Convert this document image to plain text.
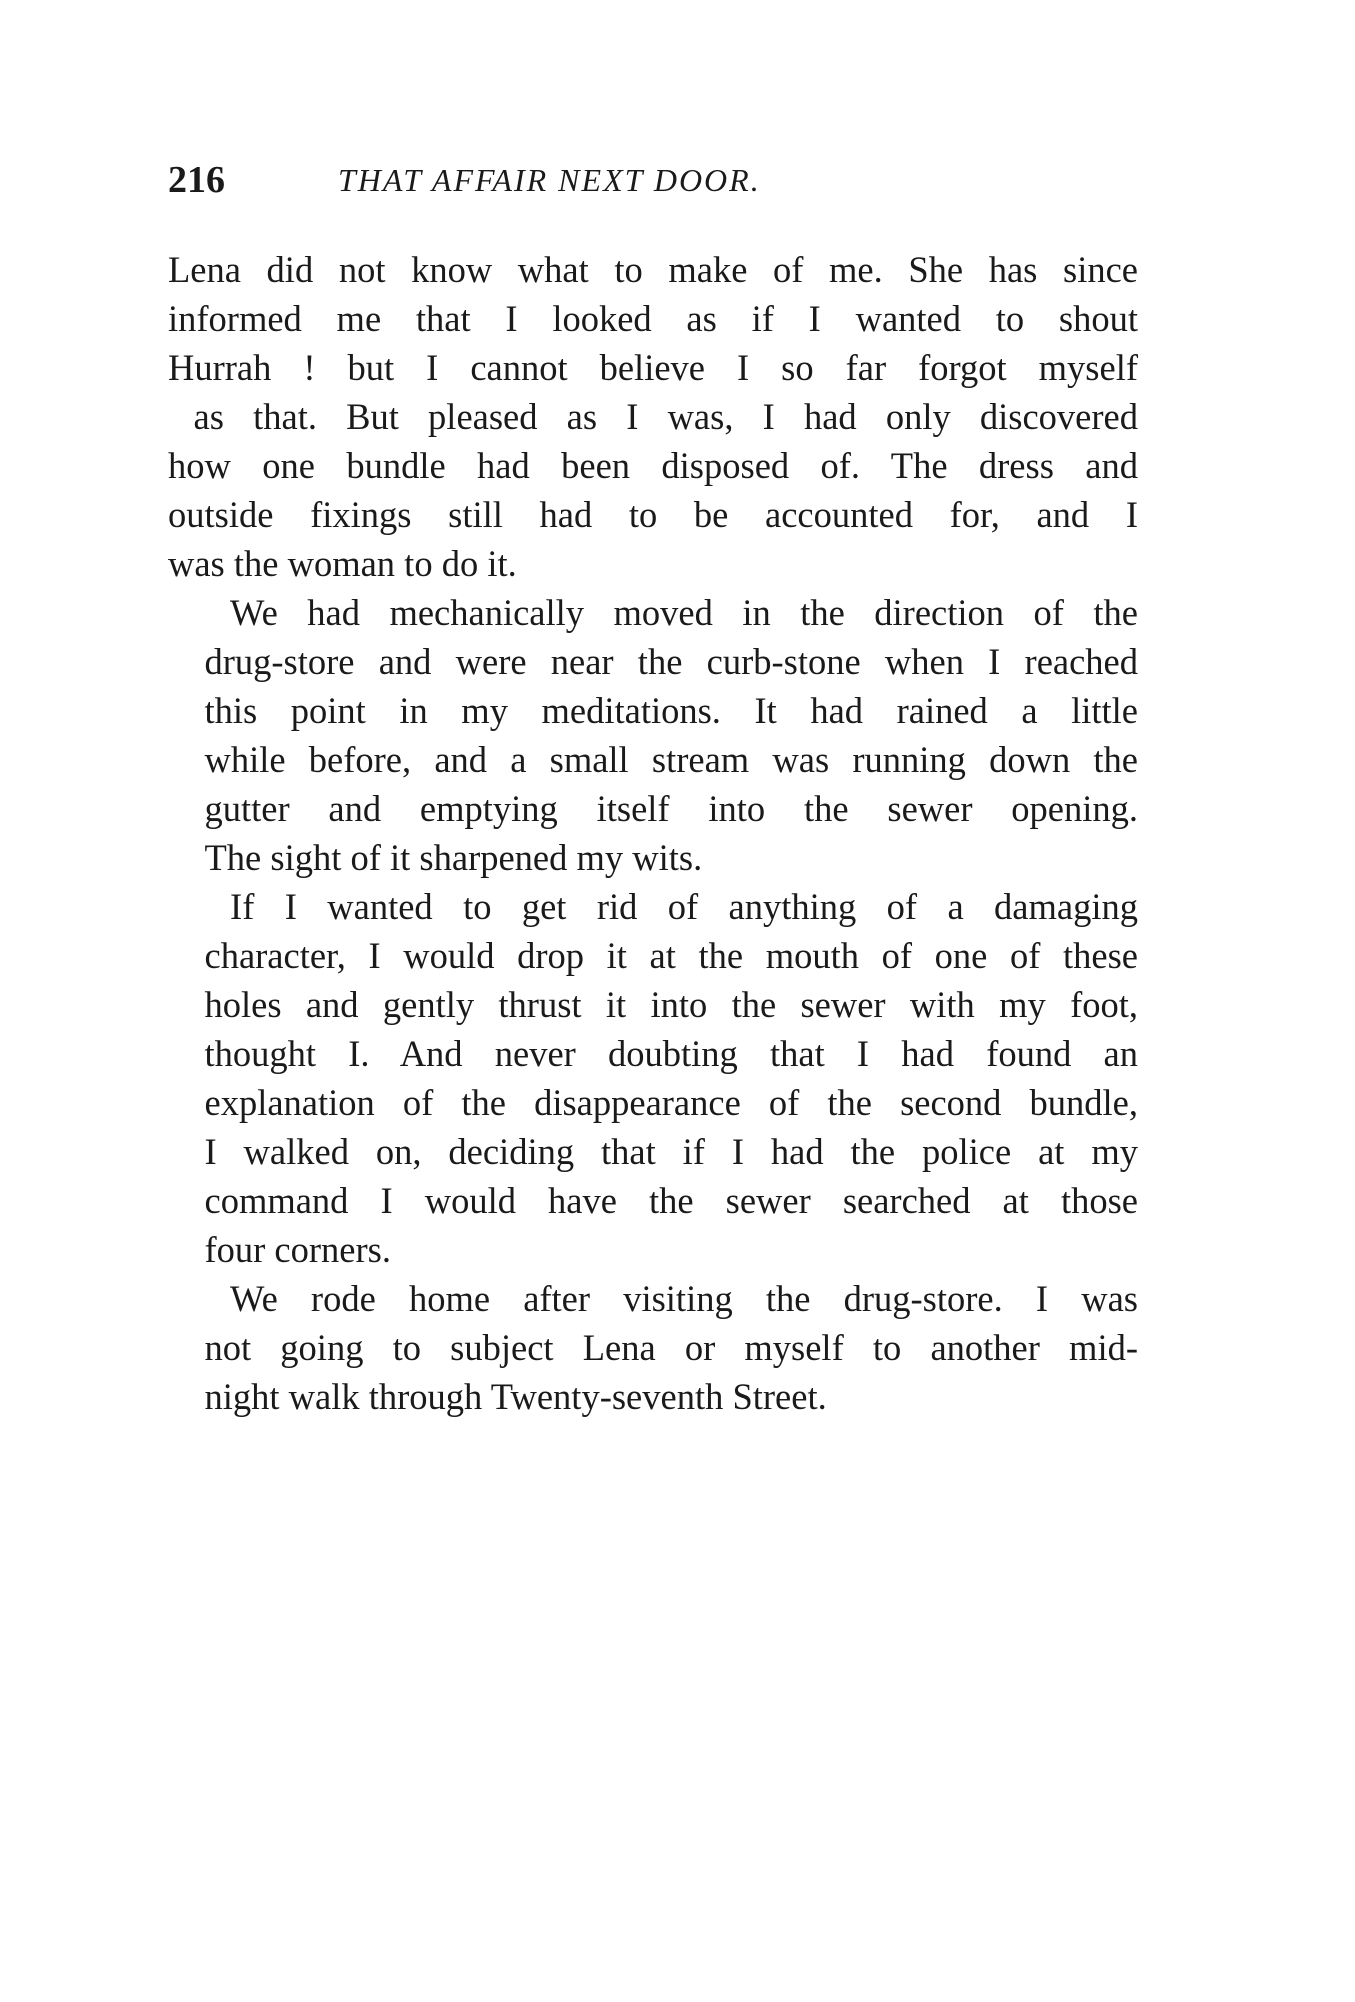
216	THAT AFFAIR NEXT DOOR.

Lena did not know what to make of me. She has since
informed me that I looked as if I wanted to shout
Hurrah ! but I cannot believe I so far forgot myself
as that. But pleased as I was, I had only discovered
how one bundle had been disposed of. The dress and
outside fixings still had to be accounted for, and I
was the woman to do it.

We had mechanically moved in the direction of the
drug-store and were near the curb-stone when I reached
this point in my meditations. It had rained a little
while before, and a small stream was running down the
gutter and emptying itself into the sewer opening.
The sight of it sharpened my wits.

If I wanted to get rid of anything of a damaging
character, I would drop it at the mouth of one of these
holes and gently thrust it into the sewer with my foot,
thought I. And never doubting that I had found an
explanation of the disappearance of the second bundle,
I walked on, deciding that if I had the police at my
command I would have the sewer searched at those
four corners.

We rode home after visiting the drug-store. I was
not going to subject Lena or myself to another mid-
night walk through Twenty-seventh Street.
